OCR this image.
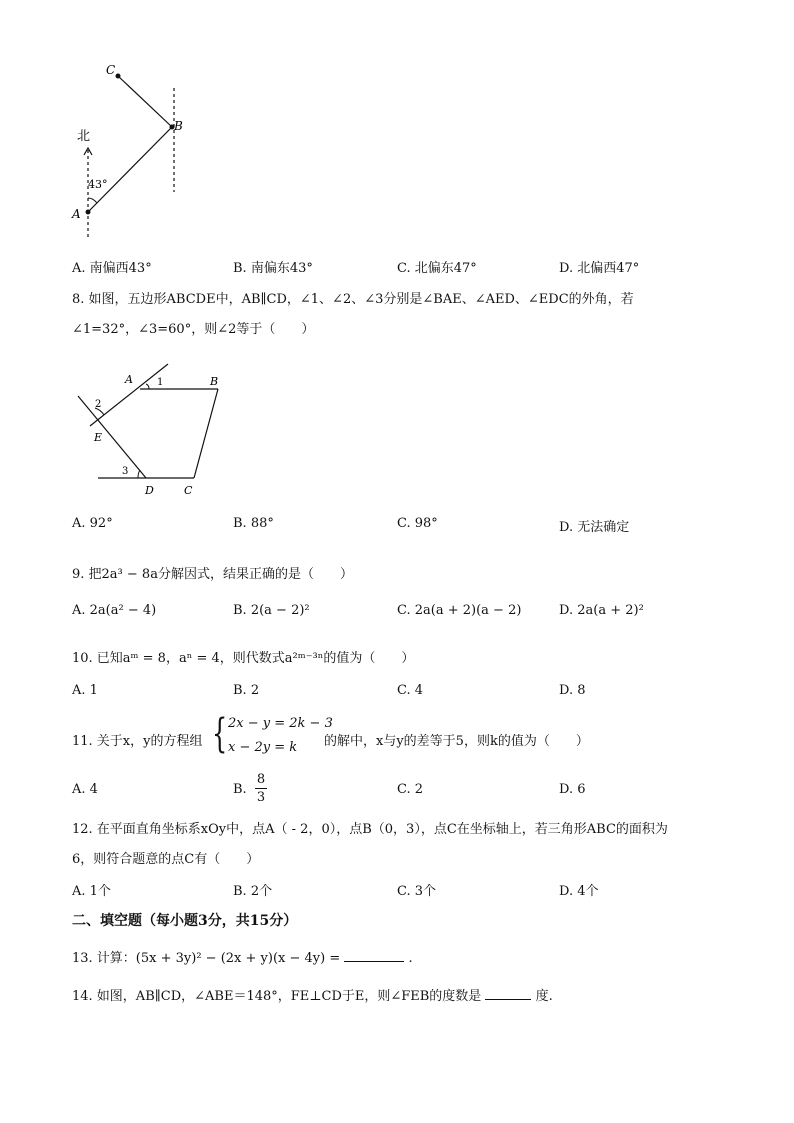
C
B
A
北
43°
A. 南偏西43°	B. 南偏东43°	C. 北偏东47°	D. 北偏西47°
8. 如图，五边形ABCDE中，AB∥CD，∠1、∠2、∠3分别是∠BAE、∠AED、∠EDC的外角，若
∠1=32°，∠3=60°，则∠2等于（　　）
A	B
C
D
E
1
2
3
A. 92°	B. 88°	C. 98°	D. 无法确定
9. 把2a³ − 8a分解因式，结果正确的是（　　）
A. 2a(a² − 4)	B. 2(a − 2)²	C. 2a(a + 2)(a − 2)	D. 2a(a + 2)²
10. 已知aᵐ = 8，aⁿ = 4，则代数式a²ᵐ⁻³ⁿ的值为（　　）
A. 1	B. 2	C. 4	D. 8
11. 关于x，y的方程组 { 2x − y = 2k − 3
x − 2y = k 的解中，x与y的差等于5，则k的值为（　　）
A. 4	B. $\frac{8}{3}$	C. 2	D. 6
12. 在平面直角坐标系xOy中，点A（ - 2，0），点B（0，3），点C在坐标轴上，若三角形ABC的面积为
6，则符合题意的点C有（　　）
A. 1个	B. 2个	C. 3个	D. 4个
二、填空题（每小题3分，共15分）
13. 计算：(5x + 3y)² − (2x + y)(x − 4y) =	.
14. 如图，AB∥CD，∠ABE＝148°，FE⊥CD于E，则∠FEB的度数是	度.
